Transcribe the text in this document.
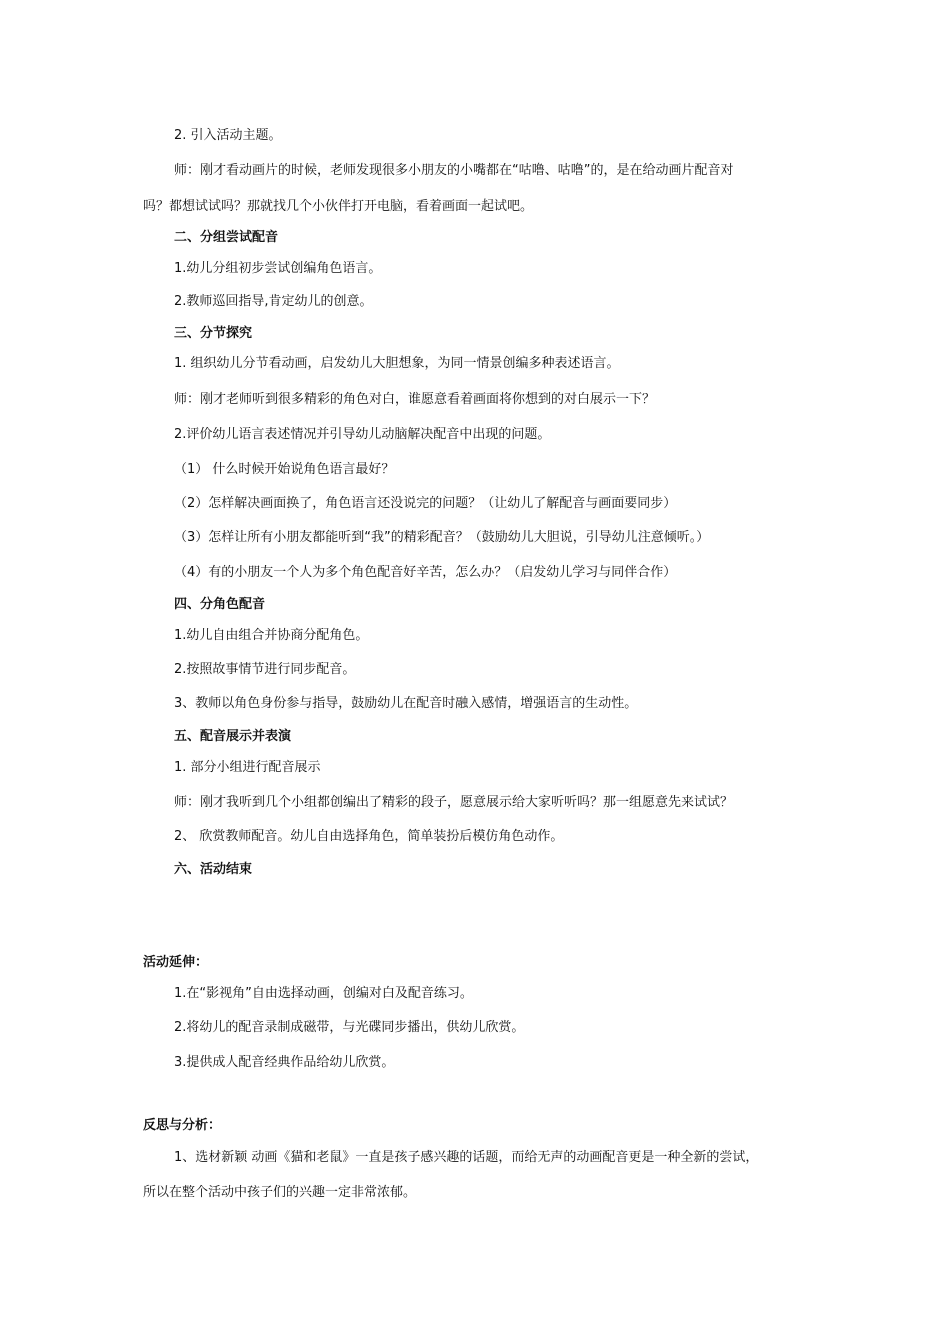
2. 引入活动主题。
师：刚才看动画片的时候，老师发现很多小朋友的小嘴都在“咕噜、咕噜”的，是在给动画片配音对
吗？都想试试吗？那就找几个小伙伴打开电脑，看着画面一起试吧。
二、分组尝试配音
1.幼儿分组初步尝试创编角色语言。
2.教师巡回指导,肯定幼儿的创意。
三、分节探究
1. 组织幼儿分节看动画，启发幼儿大胆想象，为同一情景创编多种表述语言。
师：刚才老师听到很多精彩的角色对白，谁愿意看着画面将你想到的对白展示一下？
2.评价幼儿语言表述情况并引导幼儿动脑解决配音中出现的问题。
（1） 什么时候开始说角色语言最好？
（2）怎样解决画面换了，角色语言还没说完的问题？（让幼儿了解配音与画面要同步）
（3）怎样让所有小朋友都能听到“我”的精彩配音？（鼓励幼儿大胆说，引导幼儿注意倾听。）
（4）有的小朋友一个人为多个角色配音好辛苦，怎么办？（启发幼儿学习与同伴合作）
四、分角色配音
1.幼儿自由组合并协商分配角色。
2.按照故事情节进行同步配音。
3、教师以角色身份参与指导，鼓励幼儿在配音时融入感情，增强语言的生动性。
五、配音展示并表演
1. 部分小组进行配音展示
师：刚才我听到几个小组都创编出了精彩的段子，愿意展示给大家听听吗？那一组愿意先来试试？
2、 欣赏教师配音。幼儿自由选择角色，简单装扮后模仿角色动作。
六、活动结束
活动延伸：
1.在“影视角”自由选择动画，创编对白及配音练习。
2.将幼儿的配音录制成磁带，与光碟同步播出，供幼儿欣赏。
3.提供成人配音经典作品给幼儿欣赏。
反思与分析：
1、选材新颖 动画《猫和老鼠》一直是孩子感兴趣的话题，而给无声的动画配音更是一种全新的尝试，
所以在整个活动中孩子们的兴趣一定非常浓郁。
